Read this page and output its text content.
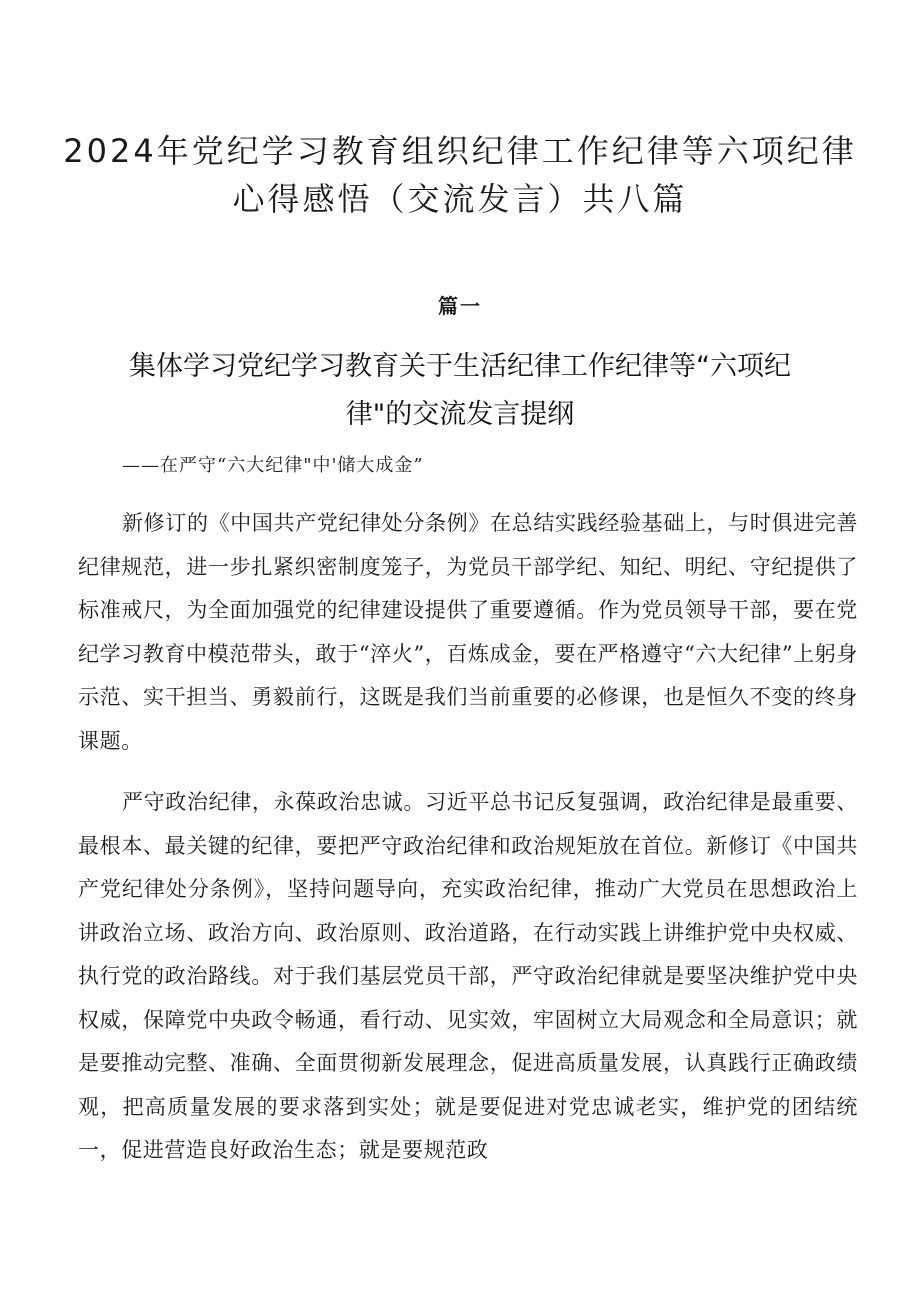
2024年党纪学习教育组织纪律工作纪律等六项纪律
心得感悟（交流发言）共八篇
篇一
集体学习党纪学习教育关于生活纪律工作纪律等“六项纪
律"的交流发言提纲
——在严守“六大纪律"中'储大成金”

新修订的《中国共产党纪律处分条例》在总结实践经验基础上，与时俱进完善纪律规范，进一步扎紧织密制度笼子，为党员干部学纪、知纪、明纪、守纪提供了标准戒尺，为全面加强党的纪律建设提供了重要遵循。作为党员领导干部，要在党纪学习教育中模范带头，敢于“淬火”，百炼成金，要在严格遵守“六大纪律”上躬身示范、实干担当、勇毅前行，这既是我们当前重要的必修课，也是恒久不变的终身课题。

严守政治纪律，永葆政治忠诚。习近平总书记反复强调，政治纪律是最重要、最根本、最关键的纪律，要把严守政治纪律和政治规矩放在首位。新修订《中国共产党纪律处分条例》，坚持问题导向，充实政治纪律，推动广大党员在思想政治上讲政治立场、政治方向、政治原则、政治道路，在行动实践上讲维护党中央权威、执行党的政治路线。对于我们基层党员干部，严守政治纪律就是要坚决维护党中央权威，保障党中央政令畅通，看行动、见实效，牢固树立大局观念和全局意识；就是要推动完整、准确、全面贯彻新发展理念，促进高质量发展，认真践行正确政绩观，把高质量发展的要求落到实处；就是要促进对党忠诚老实，维护党的团结统一，促进营造良好政治生态；就是要规范政
